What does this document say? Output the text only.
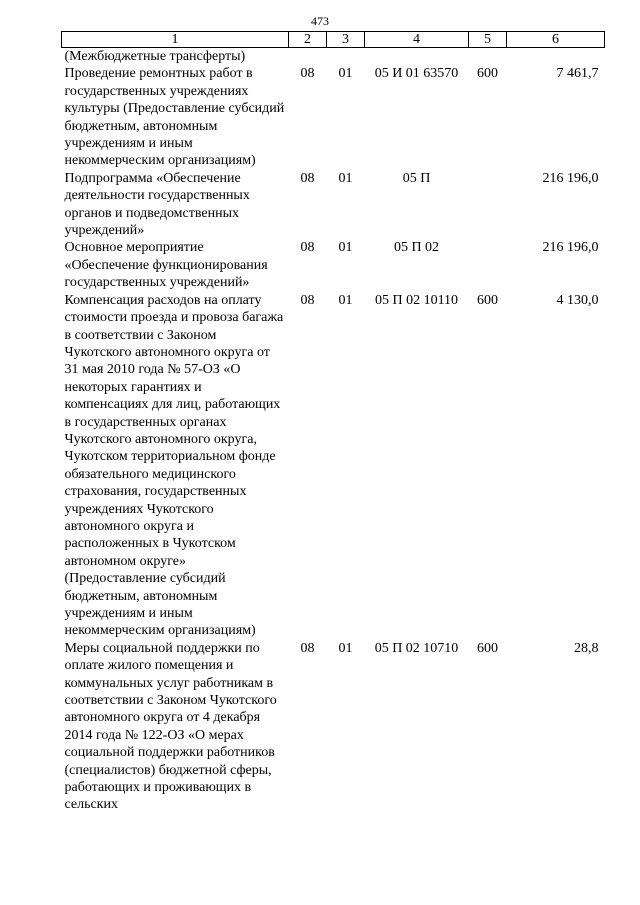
473
1	2	3	4	5	6
(Межбюджетные трансферты)					
Проведение ремонтных работ в государственных учреждениях культуры (Предоставление субсидий бюджетным, автономным учреждениям и иным некоммерческим организациям)	08	01	05 И 01 63570	600	7 461,7
Подпрограмма «Обеспечение деятельности государственных органов и подведомственных учреждений»	08	01	05 П		216 196,0
Основное мероприятие «Обеспечение функционирования государственных учреждений»	08	01	05 П 02		216 196,0
Компенсация расходов на оплату стоимости проезда и провоза багажа в соответствии с Законом Чукотского автономного округа от 31 мая 2010 года № 57-ОЗ «О некоторых гарантиях и компенсациях для лиц, работающих в государственных органах Чукотского автономного округа, Чукотском территориальном фонде обязательного медицинского страхования, государственных учреждениях Чукотского автономного округа и расположенных в Чукотском автономном округе» (Предоставление субсидий бюджетным, автономным учреждениям и иным некоммерческим организациям)	08	01	05 П 02 10110	600	4 130,0
Меры социальной поддержки по оплате жилого помещения и коммунальных услуг работникам в соответствии с Законом Чукотского автономного округа от 4 декабря 2014 года № 122-ОЗ «О мерах социальной поддержки работников (специалистов) бюджетной сферы, работающих и проживающих в сельских	08	01	05 П 02 10710	600	28,8
